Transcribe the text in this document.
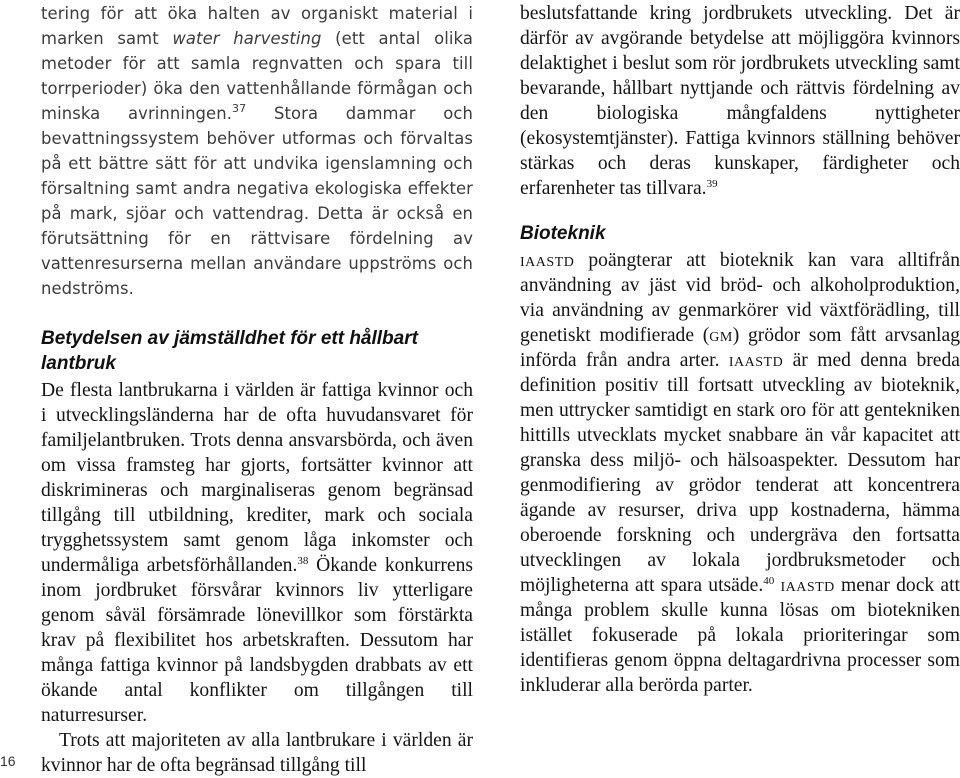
tering för att öka halten av organiskt material i marken samt water harvesting (ett antal olika metoder för att samla regnvatten och spara till torrperioder) öka den vattenhållande förmågan och minska avrinningen.$^{37}$ Stora dammar och bevattningssystem behöver utformas och förvaltas på ett bättre sätt för att undvika igenslamning och försaltning samt andra negativa ekologiska effekter på mark, sjöar och vattendrag. Detta är också en förutsättning för en rättvisare fördelning av vattenresurserna mellan användare uppströms och nedströms.

Betydelsen av jämställdhet för ett hållbart lantbruk

De flesta lantbrukarna i världen är fattiga kvinnor och i utvecklingsländerna har de ofta huvudansvaret för familjelantbruken. Trots denna ansvarsbörda, och även om vissa framsteg har gjorts, fortsätter kvinnor att diskrimineras och marginaliseras genom begränsad tillgång till utbildning, krediter, mark och sociala trygghetssystem samt genom låga inkomster och undermåliga arbetsförhållanden.$^{38}$ Ökande konkurrens inom jordbruket försvårar kvinnors liv ytterligare genom såväl försämrade lönevillkor som förstärkta krav på flexibilitet hos arbetskraften. Dessutom har många fattiga kvinnor på landsbygden drabbats av ett ökande antal konflikter om tillgången till naturresurser.

Trots att majoriteten av alla lantbrukare i världen är kvinnor har de ofta begränsad tillgång till

beslutsfattande kring jordbrukets utveckling. Det är därför av avgörande betydelse att möjliggöra kvinnors delaktighet i beslut som rör jordbrukets utveckling samt bevarande, hållbart nyttjande och rättvis fördelning av den biologiska mångfaldens nyttigheter (ekosystemtjänster). Fattiga kvinnors ställning behöver stärkas och deras kunskaper, färdigheter och erfarenheter tas tillvara.$^{39}$

Bioteknik

iaastd poängterar att bioteknik kan vara alltifrån användning av jäst vid bröd- och alkoholproduktion, via användning av genmarkörer vid växtförädling, till genetiskt modifierade (gm) grödor som fått arvsanlag införda från andra arter. iaastd är med denna breda definition positiv till fortsatt utveckling av bioteknik, men uttrycker samtidigt en stark oro för att gentekniken hittills utvecklats mycket snabbare än vår kapacitet att granska dess miljö- och hälsoaspekter. Dessutom har genmodifiering av grödor tenderat att koncentrera ägande av resurser, driva upp kostnaderna, hämma oberoende forskning och undergräva den fortsatta utvecklingen av lokala jordbruksmetoder och möjligheterna att spara utsäde.$^{40}$ iaastd menar dock att många problem skulle kunna lösas om biotekniken istället fokuserade på lokala prioriteringar som identifieras genom öppna deltagardrivna processer som inkluderar alla berörda parter.

16
